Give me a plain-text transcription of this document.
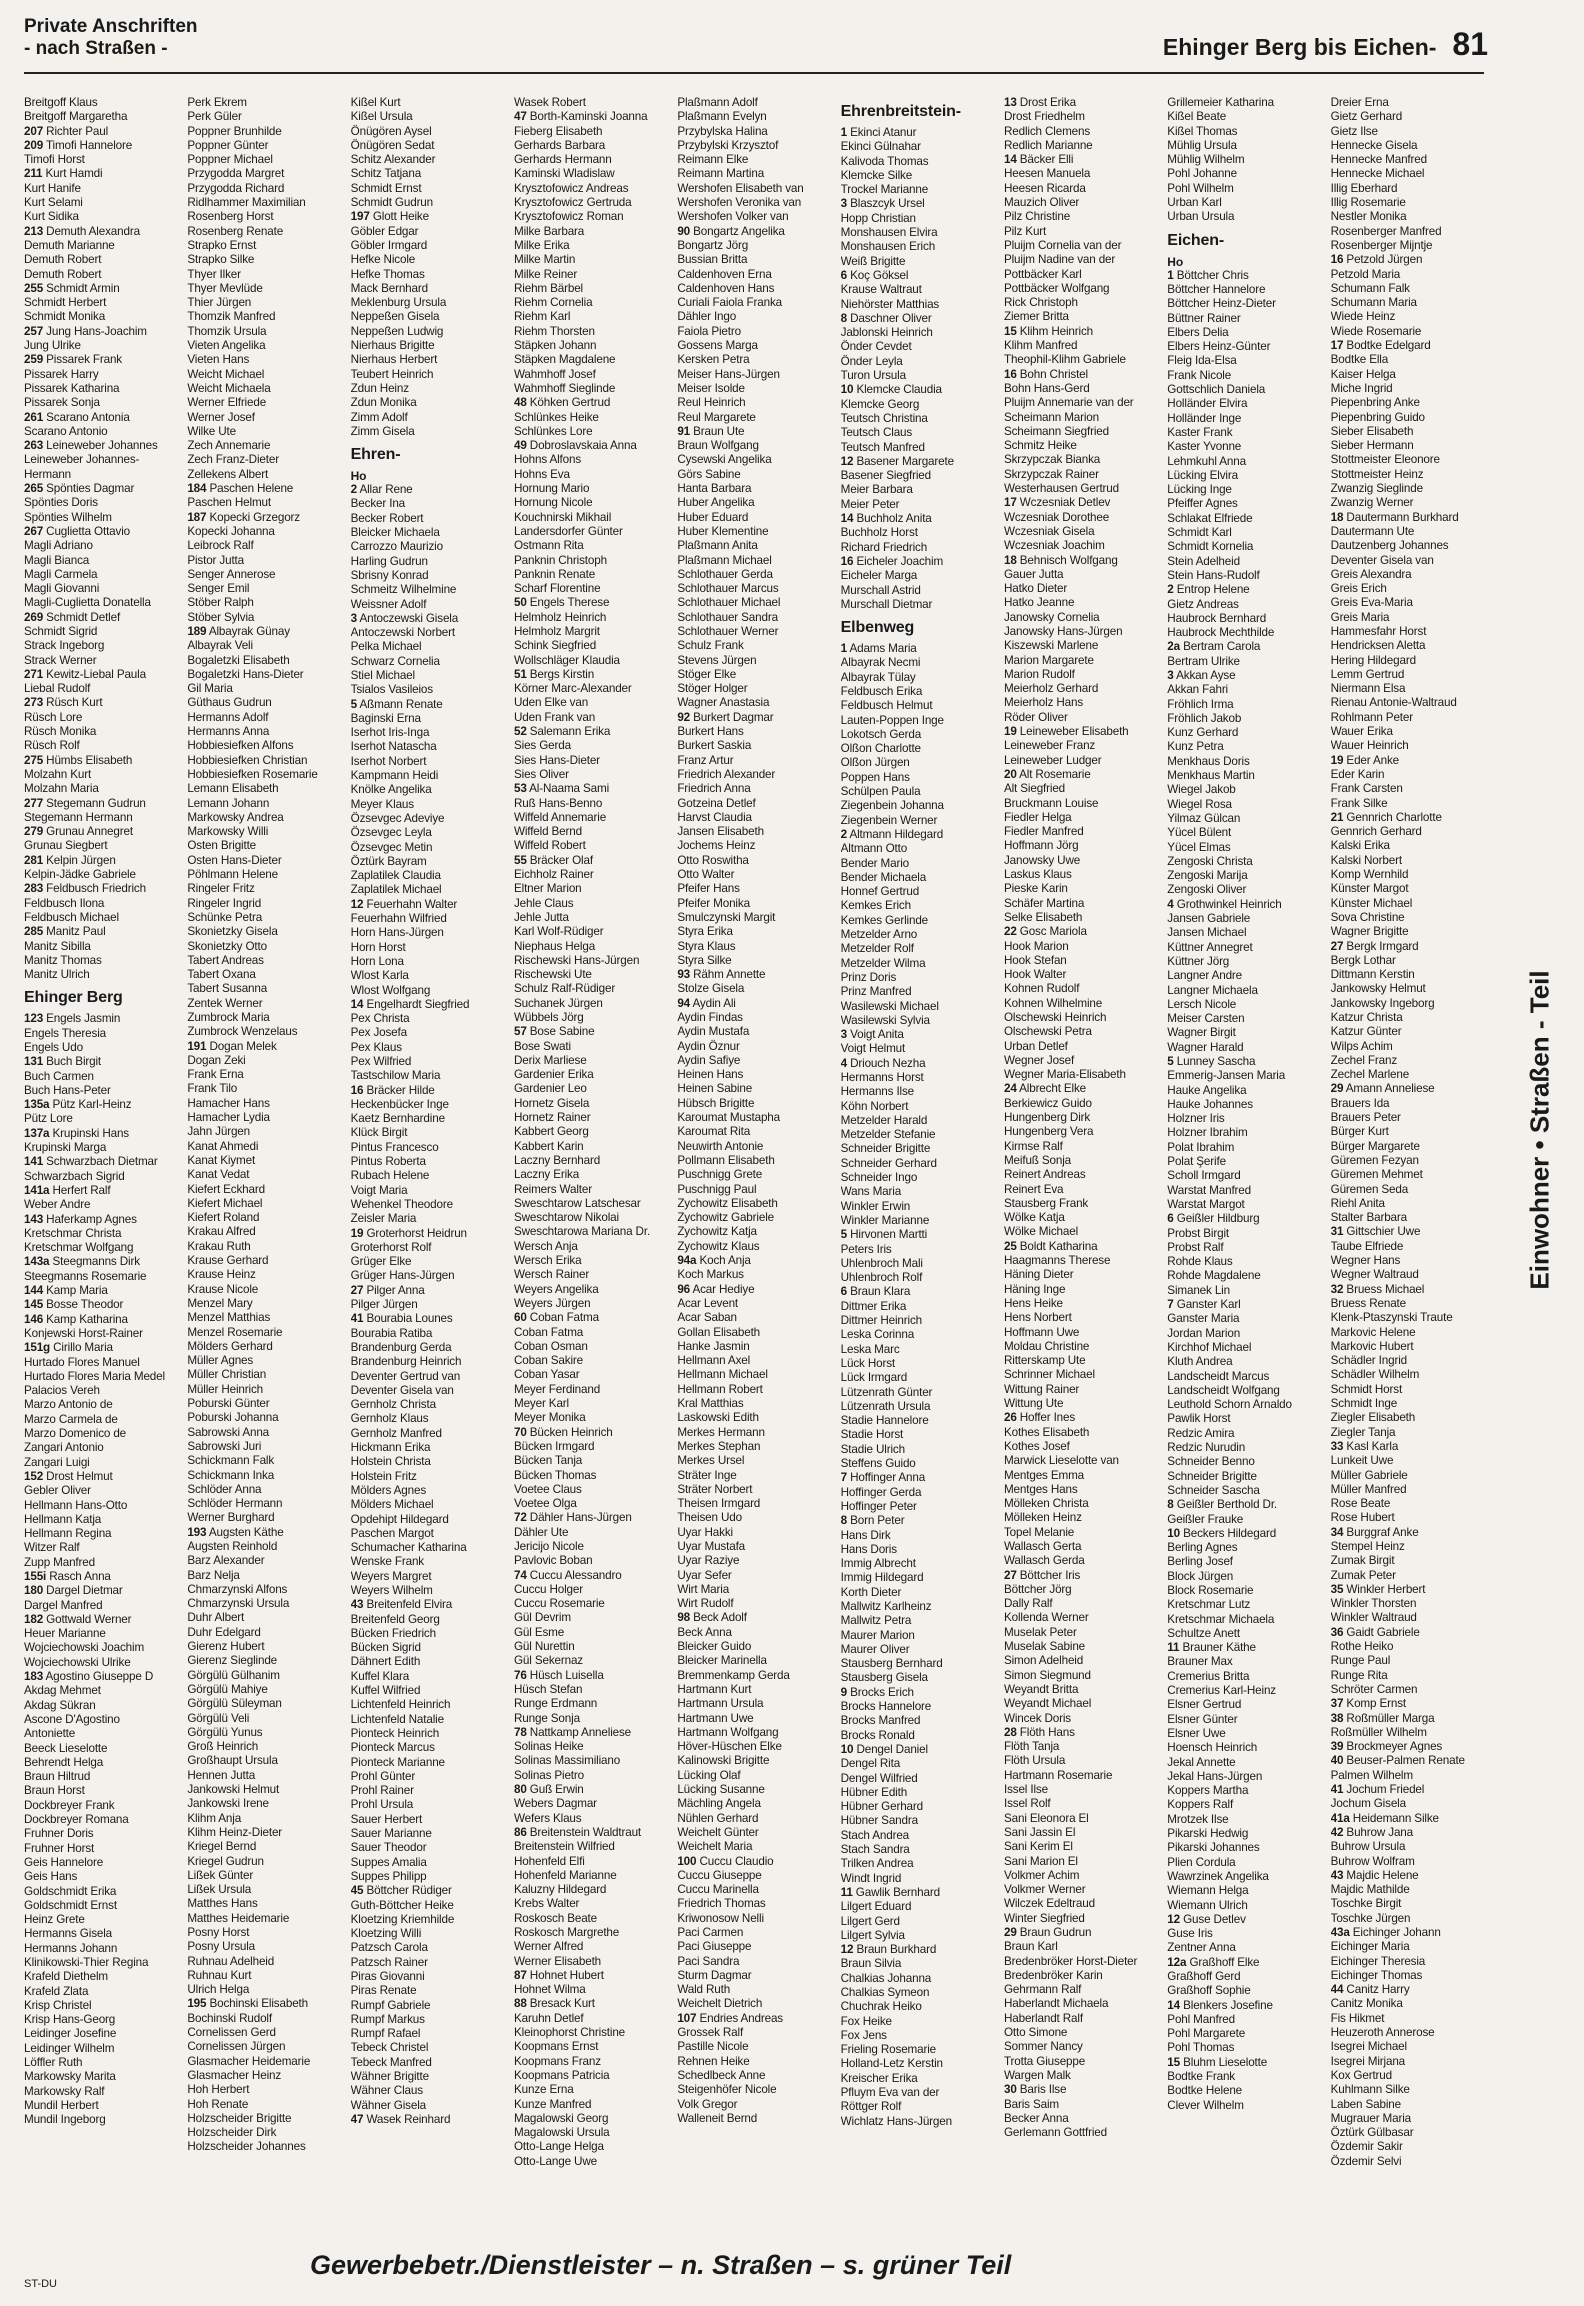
Private Anschriften
- nach Straßen -	Ehinger Berg bis Eichen- 81
Einwohner • Straßen - Teil
Breitgoff Klaus
Breitgoff Margaretha
207 Richter Paul
209 Timofi Hannelore
Timofi Horst
211 Kurt Hamdi
Kurt Hanife
Kurt Selami
Kurt Sidika
213 Demuth Alexandra
Demuth Marianne
Demuth Robert
Demuth Robert
255 Schmidt Armin
Schmidt Herbert
Schmidt Monika
257 Jung Hans-Joachim
Jung Ulrike
259 Pissarek Frank
Pissarek Harry
Pissarek Katharina
Pissarek Sonja
261 Scarano Antonia
Scarano Antonio
263 Leineweber Johannes
Leineweber Johannes-
Hermann
265 Spönties Dagmar
Spönties Doris
Spönties Wilhelm
267 Cuglietta Ottavio
Magli Adriano
Magli Bianca
Magli Carmela
Magli Giovanni
Magli-Cuglietta Donatella
269 Schmidt Detlef
Schmidt Sigrid
Strack Ingeborg
Strack Werner
271 Kewitz-Liebal Paula
Liebal Rudolf
273 Rüsch Kurt
Rüsch Lore
Rüsch Monika
Rüsch Rolf
275 Hümbs Elisabeth
Molzahn Kurt
Molzahn Maria
277 Stegemann Gudrun
Stegemann Hermann
279 Grunau Annegret
Grunau Siegbert
281 Kelpin Jürgen
Kelpin-Jädke Gabriele
283 Feldbusch Friedrich
Feldbusch Ilona
Feldbusch Michael
285 Manitz Paul
Manitz Sibilla
Manitz Thomas
Manitz Ulrich
Ehinger Berg
123 Engels Jasmin
Engels Theresia
Engels Udo
131 Buch Birgit
Buch Carmen
Buch Hans-Peter
135a Pütz Karl-Heinz
Pütz Lore
137a Krupinski Hans
Krupinski Marga
141 Schwarzbach Dietmar
Schwarzbach Sigrid
141a Herfert Ralf
Weber Andre
143 Haferkamp Agnes
Kretschmar Christa
Kretschmar Wolfgang
143a Steegmanns Dirk
Steegmanns Rosemarie
144 Kamp Maria
145 Bosse Theodor
146 Kamp Katharina
Konjewski Horst-Rainer
151g Cirillo Maria
Hurtado Flores Manuel
Hurtado Flores Maria Medel
Palacios Vereh
Marzo Antonio de
Marzo Carmela de
Marzo Domenico de
Zangari Antonio
Zangari Luigi
152 Drost Helmut
Gebler Oliver
Hellmann Hans-Otto
Hellmann Katja
Hellmann Regina
Witzer Ralf
Zupp Manfred
155i Rasch Anna
180 Dargel Dietmar
Dargel Manfred
182 Gottwald Werner
Heuer Marianne
Wojciechowski Joachim
Wojciechowski Ulrike
183 Agostino Giuseppe D
Akdag Mehmet
Akdag Sükran
Ascone D'Agostino
Antoniette
Beeck Lieselotte
Behrendt Helga
Braun Hiltrud
Braun Horst
Dockbreyer Frank
Dockbreyer Romana
Fruhner Doris
Fruhner Horst
Geis Hannelore
Geis Hans
Goldschmidt Erika
Goldschmidt Ernst
Heinz Grete
Hermanns Gisela
Hermanns Johann
Klinikowski-Thier Regina
Krafeld Diethelm
Krafeld Zlata
Krisp Christel
Krisp Hans-Georg
Leidinger Josefine
Leidinger Wilhelm
Löffler Ruth
Markowsky Marita
Markowsky Ralf
Mundil Herbert
Mundil Ingeborg
Perk Ekrem
Perk Güler
Poppner Brunhilde
Poppner Günter
Poppner Michael
Przygodda Margret
Przygodda Richard
Ridlhammer Maximilian
Rosenberg Horst
Rosenberg Renate
Strapko Ernst
Strapko Silke
Thyer Ilker
Thyer Mevlüde
Thier Jürgen
Thomzik Manfred
Thomzik Ursula
Vieten Angelika
Vieten Hans
Weicht Michael
Weicht Michaela
Werner Elfriede
Werner Josef
Wilke Ute
Zech Annemarie
Zech Franz-Dieter
Zellekens Albert
184 Paschen Helene
Paschen Helmut
187 Kopecki Grzegorz
Kopecki Johanna
Leibrock Ralf
Pistor Jutta
Senger Annerose
Senger Emil
Stöber Ralph
Stöber Sylvia
189 Albayrak Günay
Albayrak Veli
Bogaletzki Elisabeth
Bogaletzki Hans-Dieter
Gil Maria
Güthaus Gudrun
Hermanns Adolf
Hermanns Anna
Hobbiesiefken Alfons
Hobbiesiefken Christian
Hobbiesiefken Rosemarie
Lemann Elisabeth
Lemann Johann
Markowsky Andrea
Markowsky Willi
Osten Brigitte
Osten Hans-Dieter
Pöhlmann Helene
Ringeler Fritz
Ringeler Ingrid
Schünke Petra
Skonietzky Gisela
Skonietzky Otto
Tabert Andreas
Tabert Oxana
Tabert Susanna
Zentek Werner
Zumbrock Maria
Zumbrock Wenzelaus
191 Dogan Melek
Dogan Zeki
Frank Erna
Frank Tilo
Hamacher Hans
Hamacher Lydia
Jahn Jürgen
Kanat Ahmedi
Kanat Kiymet
Kanat Vedat
Kiefert Eckhard
Kiefert Michael
Kiefert Roland
Krakau Alfred
Krakau Ruth
Krause Gerhard
Krause Heinz
Krause Nicole
Menzel Mary
Menzel Matthias
Menzel Rosemarie
Mölders Gerhard
Müller Agnes
Müller Christian
Müller Heinrich
Poburski Günter
Poburski Johanna
Sabrowski Anna
Sabrowski Juri
Schickmann Falk
Schickmann Inka
Schlöder Anna
Schlöder Hermann
Werner Burghard
193 Augsten Käthe
Augsten Reinhold
Barz Alexander
Barz Nelja
Chmarzynski Alfons
Chmarzynski Ursula
Duhr Albert
Duhr Edelgard
Gierenz Hubert
Gierenz Sieglinde
Görgülü Gülhanim
Görgülü Mahiye
Görgülü Süleyman
Görgülü Veli
Görgülü Yunus
Groß Heinrich
Großhaupt Ursula
Hennen Jutta
Jankowski Helmut
Jankowski Irene
Klihm Anja
Klihm Heinz-Dieter
Kriegel Bernd
Kriegel Gudrun
Lißek Günter
Lißek Ursula
Matthes Hans
Matthes Heidemarie
Posny Horst
Posny Ursula
Ruhnau Adelheid
Ruhnau Kurt
Ulrich Helga
195 Bochinski Elisabeth
Bochinski Rudolf
Cornelissen Gerd
Cornelissen Jürgen
Glasmacher Heidemarie
Glasmacher Heinz
Hoh Herbert
Hoh Renate
Holzscheider Brigitte
Holzscheider Dirk
Holzscheider Johannes
Kißel Kurt
Kißel Ursula
Önügören Aysel
Önügören Sedat
Schitz Alexander
Schitz Tatjana
Schmidt Ernst
Schmidt Gudrun
197 Glott Heike
Göbler Edgar
Göbler Irmgard
Hefke Nicole
Hefke Thomas
Mack Bernhard
Meklenburg Ursula
Neppeßen Gisela
Neppeßen Ludwig
Nierhaus Brigitte
Nierhaus Herbert
Teubert Heinrich
Zdun Heinz
Zdun Monika
Zimm Adolf
Zimm Gisela
Ehren-
Ho
2 Allar Rene
Becker Ina
Becker Robert
Bleicker Michaela
Carrozzo Maurizio
Harling Gudrun
Sbrisny Konrad
Schmeitz Wilhelmine
Weissner Adolf
3 Antoczewski Gisela
Antoczewski Norbert
Pelka Michael
Schwarz Cornelia
Stiel Michael
Tsialos Vasileios
5 Aßmann Renate
Baginski Erna
Iserhot Iris-Inga
Iserhot Natascha
Iserhot Norbert
Kampmann Heidi
Knölke Angelika
Meyer Klaus
Özsevgec Adeviye
Özsevgec Leyla
Özsevgec Metin
Öztürk Bayram
Zaplatilek Claudia
Zaplatilek Michael
12 Feuerhahn Walter
Feuerhahn Wilfried
Horn Hans-Jürgen
Horn Horst
Horn Lona
Wlost Karla
Wlost Wolfgang
14 Engelhardt Siegfried
Pex Christa
Pex Josefa
Pex Klaus
Pex Wilfried
Tastschilow Maria
16 Bräcker Hilde
Heckenbücker Inge
Kaetz Bernhardine
Klück Birgit
Pintus Francesco
Pintus Roberta
Rubach Helene
Voigt Maria
Wehenkel Theodore
Zeisler Maria
19 Groterhorst Heidrun
Groterhorst Rolf
Grüger Elke
Grüger Hans-Jürgen
27 Pilger Anna
Pilger Jürgen
41 Bourabia Lounes
Bourabia Ratiba
Brandenburg Gerda
Brandenburg Heinrich
Deventer Gertrud van
Deventer Gisela van
Gernholz Christa
Gernholz Klaus
Gernholz Manfred
Hickmann Erika
Holstein Christa
Holstein Fritz
Mölders Agnes
Mölders Michael
Opdehipt Hildegard
Paschen Margot
Schumacher Katharina
Wenske Frank
Weyers Margret
Weyers Wilhelm
43 Breitenfeld Elvira
Breitenfeld Georg
Bücken Friedrich
Bücken Sigrid
Dähnert Edith
Kuffel Klara
Kuffel Wilfried
Lichtenfeld Heinrich
Lichtenfeld Natalie
Pionteck Heinrich
Pionteck Marcus
Pionteck Marianne
Prohl Günter
Prohl Rainer
Prohl Ursula
Sauer Herbert
Sauer Marianne
Sauer Theodor
Suppes Amalia
Suppes Philipp
45 Böttcher Rüdiger
Guth-Böttcher Heike
Kloetzing Kriemhilde
Kloetzing Willi
Patzsch Carola
Patzsch Rainer
Piras Giovanni
Piras Renate
Rumpf Gabriele
Rumpf Markus
Rumpf Rafael
Tebeck Christel
Tebeck Manfred
Wähner Brigitte
Wähner Claus
Wähner Gisela
47 Wasek Reinhard
Wasek Robert
47 Borth-Kaminski Joanna
Fieberg Elisabeth
Gerhards Barbara
Gerhards Hermann
Kaminski Wladislaw
Krysztofowicz Andreas
Krysztofowicz Gertruda
Krysztofowicz Roman
Milke Barbara
Milke Erika
Milke Martin
Milke Reiner
Riehm Bärbel
Riehm Cornelia
Riehm Karl
Riehm Thorsten
Stäpken Johann
Stäpken Magdalene
Wahmhoff Josef
Wahmhoff Sieglinde
48 Köhken Gertrud
Schlünkes Heike
Schlünkes Lore
49 Dobroslavskaia Anna
Hohns Alfons
Hohns Eva
Hornung Mario
Hornung Nicole
Kouchnirski Mikhail
Landersdorfer Günter
Ostmann Rita
Panknin Christoph
Panknin Renate
Scharf Florentine
50 Engels Therese
Helmholz Heinrich
Helmholz Margrit
Schink Siegfried
Wollschläger Klaudia
51 Bergs Kirstin
Körner Marc-Alexander
Uden Elke van
Uden Frank van
52 Salemann Erika
Sies Gerda
Sies Hans-Dieter
Sies Oliver
53 Al-Naama Sami
Ruß Hans-Benno
Wiffeld Annemarie
Wiffeld Bernd
Wiffeld Robert
55 Bräcker Olaf
Eichholz Rainer
Eltner Marion
Jehle Claus
Jehle Jutta
Karl Wolf-Rüdiger
Niephaus Helga
Rischewski Hans-Jürgen
Rischewski Ute
Schulz Ralf-Rüdiger
Suchanek Jürgen
Wübbels Jörg
57 Bose Sabine
Bose Swati
Derix Marliese
Gardenier Erika
Gardenier Leo
Hornetz Gisela
Hornetz Rainer
Kabbert Georg
Kabbert Karin
Laczny Bernhard
Laczny Erika
Reimers Walter
Sweschtarow Latschesar
Sweschtarow Nikolai
Sweschtarowa Mariana Dr.
Wersch Anja
Wersch Erika
Wersch Rainer
Weyers Angelika
Weyers Jürgen
60 Coban Fatma
Coban Fatma
Coban Osman
Coban Sakire
Coban Yasar
Meyer Ferdinand
Meyer Karl
Meyer Monika
70 Bücken Heinrich
Bücken Irmgard
Bücken Tanja
Bücken Thomas
Voetee Claus
Voetee Olga
72 Dähler Hans-Jürgen
Dähler Ute
Jericijo Nicole
Pavlovic Boban
74 Cuccu Alessandro
Cuccu Holger
Cuccu Rosemarie
Gül Devrim
Gül Esme
Gül Nurettin
Gül Sekernaz
76 Hüsch Luisella
Hüsch Stefan
Runge Erdmann
Runge Sonja
78 Nattkamp Anneliese
Solinas Heike
Solinas Massimiliano
Solinas Pietro
80 Guß Erwin
Webers Dagmar
Wefers Klaus
86 Breitenstein Waldtraut
Breitenstein Wilfried
Hohenfeld Elfi
Hohenfeld Marianne
Kaluzny Hildegard
Krebs Walter
Roskosch Beate
Roskosch Margrethe
Werner Alfred
Werner Elisabeth
87 Hohnet Hubert
Hohnet Wilma
88 Bresack Kurt
Karuhn Detlef
Kleinophorst Christine
Koopmans Ernst
Koopmans Franz
Koopmans Patricia
Kunze Erna
Kunze Manfred
Magalowski Georg
Magalowski Ursula
Otto-Lange Helga
Otto-Lange Uwe
Plaßmann Adolf
Plaßmann Evelyn
Przybylska Halina
Przybylski Krzysztof
Reimann Elke
Reimann Martina
Wershofen Elisabeth van
Wershofen Veronika van
Wershofen Volker van
90 Bongartz Angelika
Bongartz Jörg
Bussian Britta
Caldenhoven Erna
Caldenhoven Hans
Curiali Faiola Franka
Dähler Ingo
Faiola Pietro
Gossens Marga
Kersken Petra
Meiser Hans-Jürgen
Meiser Isolde
Reul Heinrich
Reul Margarete
91 Braun Ute
Braun Wolfgang
Cysewski Angelika
Görs Sabine
Hanta Barbara
Huber Angelika
Huber Eduard
Huber Klementine
Plaßmann Anita
Plaßmann Michael
Schlothauer Gerda
Schlothauer Marcus
Schlothauer Michael
Schlothauer Sandra
Schlothauer Werner
Schulz Frank
Stevens Jürgen
Stöger Elke
Stöger Holger
Wagner Anastasia
92 Burkert Dagmar
Burkert Hans
Burkert Saskia
Franz Artur
Friedrich Alexander
Friedrich Anna
Gotzeina Detlef
Harvst Claudia
Jansen Elisabeth
Jochems Heinz
Otto Roswitha
Otto Walter
Pfeifer Hans
Pfeifer Monika
Smulczynski Margit
Styra Erika
Styra Klaus
Styra Silke
93 Rähm Annette
Stolze Gisela
94 Aydin Ali
Aydin Findas
Aydin Mustafa
Aydin Öznur
Aydin Safiye
Heinen Hans
Heinen Sabine
Hübsch Brigitte
Karoumat Mustapha
Karoumat Rita
Neuwirth Antonie
Pollmann Elisabeth
Puschnigg Grete
Puschnigg Paul
Zychowitz Elisabeth
Zychowitz Gabriele
Zychowitz Katja
Zychowitz Klaus
94a Koch Anja
Koch Markus
96 Acar Hediye
Acar Levent
Acar Saban
Gollan Elisabeth
Hanke Jasmin
Hellmann Axel
Hellmann Michael
Hellmann Robert
Kral Matthias
Laskowski Edith
Merkes Hermann
Merkes Stephan
Merkes Ursel
Sträter Inge
Sträter Norbert
Theisen Irmgard
Theisen Udo
Uyar Hakki
Uyar Mustafa
Uyar Raziye
Uyar Sefer
Wirt Maria
Wirt Rudolf
98 Beck Adolf
Beck Anna
Bleicker Guido
Bleicker Marinella
Bremmenkamp Gerda
Hartmann Kurt
Hartmann Ursula
Hartmann Uwe
Hartmann Wolfgang
Höver-Hüschen Elke
Kalinowski Brigitte
Lücking Olaf
Lücking Susanne
Mächling Angela
Nühlen Gerhard
Weichelt Günter
Weichelt Maria
100 Cuccu Claudio
Cuccu Giuseppe
Cuccu Marinella
Friedrich Thomas
Kriwonosow Nelli
Paci Carmen
Paci Giuseppe
Paci Sandra
Sturm Dagmar
Wald Ruth
Weichelt Dietrich
107 Endries Andreas
Grossek Ralf
Pastille Nicole
Rehnen Heike
Schedlbeck Anne
Steigenhöfer Nicole
Volk Gregor
Walleneit Bernd
Ehrenbreitstein-
1 Ekinci Atanur
Ekinci Gülnahar
Kalivoda Thomas
Klemcke Silke
Trockel Marianne
3 Blaszcyk Ursel
Hopp Christian
Monshausen Elvira
Monshausen Erich
Weiß Brigitte
6 Koç Göksel
Krause Waltraut
Niehörster Matthias
8 Daschner Oliver
Jablonski Heinrich
Önder Cevdet
Önder Leyla
Turon Ursula
10 Klemcke Claudia
Klemcke Georg
Teutsch Christina
Teutsch Claus
Teutsch Manfred
12 Basener Margarete
Basener Siegfried
Meier Barbara
Meier Peter
14 Buchholz Anita
Buchholz Horst
Richard Friedrich
16 Eicheler Joachim
Eicheler Marga
Murschall Astrid
Murschall Dietmar
Elbenweg
1 Adams Maria
Albayrak Necmi
Albayrak Tülay
Feldbusch Erika
Feldbusch Helmut
Lauten-Poppen Inge
Lokotsch Gerda
Olßon Charlotte
Olßon Jürgen
Poppen Hans
Schülpen Paula
Ziegenbein Johanna
Ziegenbein Werner
2 Altmann Hildegard
Altmann Otto
Bender Mario
Bender Michaela
Honnef Gertrud
Kemkes Erich
Kemkes Gerlinde
Metzelder Arno
Metzelder Rolf
Metzelder Wilma
Prinz Doris
Prinz Manfred
Wasilewski Michael
Wasilewski Sylvia
3 Voigt Anita
Voigt Helmut
4 Driouch Nezha
Hermanns Horst
Hermanns Ilse
Köhn Norbert
Metzelder Harald
Metzelder Stefanie
Schneider Brigitte
Schneider Gerhard
Schneider Ingo
Wans Maria
Winkler Erwin
Winkler Marianne
5 Hirvonen Martti
Peters Iris
Uhlenbroch Mali
Uhlenbroch Rolf
6 Braun Klara
Dittmer Erika
Dittmer Heinrich
Leska Corinna
Leska Marc
Lück Horst
Lück Irmgard
Lützenrath Günter
Lützenrath Ursula
Stadie Hannelore
Stadie Horst
Stadie Ulrich
Steffens Guido
7 Hoffinger Anna
Hoffinger Gerda
Hoffinger Peter
8 Born Peter
Hans Dirk
Hans Doris
Immig Albrecht
Immig Hildegard
Korth Dieter
Mallwitz Karlheinz
Mallwitz Petra
Maurer Marion
Maurer Oliver
Stausberg Bernhard
Stausberg Gisela
9 Brocks Erich
Brocks Hannelore
Brocks Manfred
Brocks Ronald
10 Dengel Daniel
Dengel Rita
Dengel Wilfried
Hübner Edith
Hübner Gerhard
Hübner Sandra
Stach Andrea
Stach Sandra
Trilken Andrea
Windt Ingrid
11 Gawlik Bernhard
Lilgert Eduard
Lilgert Gerd
Lilgert Sylvia
12 Braun Burkhard
Braun Silvia
Chalkias Johanna
Chalkias Symeon
Chuchrak Heiko
Fox Heike
Fox Jens
Frieling Rosemarie
Holland-Letz Kerstin
Kreischer Erika
Pfluym Eva van der
Röttger Rolf
Wichlatz Hans-Jürgen
13 Drost Erika
Drost Friedhelm
Redlich Clemens
Redlich Marianne
14 Bäcker Elli
Heesen Manuela
Heesen Ricarda
Mauzich Oliver
Pilz Christine
Pilz Kurt
Pluijm Cornelia van der
Pluijm Nadine van der
Pottbäcker Karl
Pottbäcker Wolfgang
Rick Christoph
Ziemer Britta
15 Klihm Heinrich
Klihm Manfred
Theophil-Klihm Gabriele
16 Bohn Christel
Bohn Hans-Gerd
Pluijm Annemarie van der
Scheimann Marion
Scheimann Siegfried
Schmitz Heike
Skrzypczak Bianka
Skrzypczak Rainer
Westerhausen Gertrud
17 Wczesniak Detlev
Wczesniak Dorothee
Wczesniak Gisela
Wczesniak Joachim
18 Behnisch Wolfgang
Gauer Jutta
Hatko Dieter
Hatko Jeanne
Janowsky Cornelia
Janowsky Hans-Jürgen
Kiszewski Marlene
Marion Margarete
Marion Rudolf
Meierholz Gerhard
Meierholz Hans
Röder Oliver
19 Leineweber Elisabeth
Leineweber Franz
Leineweber Ludger
20 Alt Rosemarie
Alt Siegfried
Bruckmann Louise
Fiedler Helga
Fiedler Manfred
Hoffmann Jörg
Janowsky Uwe
Laskus Klaus
Pieske Karin
Schäfer Martina
Selke Elisabeth
22 Gosc Mariola
Hook Marion
Hook Stefan
Hook Walter
Kohnen Rudolf
Kohnen Wilhelmine
Olschewski Heinrich
Olschewski Petra
Urban Detlef
Wegner Josef
Wegner Maria-Elisabeth
24 Albrecht Elke
Berkiewicz Guido
Hungenberg Dirk
Hungenberg Vera
Kirmse Ralf
Meifuß Sonja
Reinert Andreas
Reinert Eva
Stausberg Frank
Wölke Katja
Wölke Michael
25 Boldt Katharina
Haagmanns Therese
Häning Dieter
Häning Inge
Hens Heike
Hens Norbert
Hoffmann Uwe
Moldau Christine
Ritterskamp Ute
Schrinner Michael
Wittung Rainer
Wittung Ute
26 Hoffer Ines
Kothes Elisabeth
Kothes Josef
Marwick Lieselotte van
Mentges Emma
Mentges Hans
Mölleken Christa
Mölleken Heinz
Topel Melanie
Wallasch Gerta
Wallasch Gerda
27 Böttcher Iris
Böttcher Jörg
Dally Ralf
Kollenda Werner
Muselak Peter
Muselak Sabine
Simon Adelheid
Simon Siegmund
Weyandt Britta
Weyandt Michael
Wincek Doris
28 Flöth Hans
Flöth Tanja
Flöth Ursula
Hartmann Rosemarie
Issel Ilse
Issel Rolf
Sani Eleonora El
Sani Jassin El
Sani Kerim El
Sani Marion El
Volkmer Achim
Volkmer Werner
Wilczek Edeltraud
Winter Siegfried
29 Braun Gudrun
Braun Karl
Bredenbröker Horst-Dieter
Bredenbröker Karin
Gehrmann Ralf
Haberlandt Michaela
Haberlandt Ralf
Otto Simone
Sommer Nancy
Trotta Giuseppe
Wargen Malk
30 Baris Ilse
Baris Saim
Becker Anna
Gerlemann Gottfried
Grillemeier Katharina
Kißel Beate
Kißel Thomas
Mühlig Ursula
Mühlig Wilhelm
Pohl Johanne
Pohl Wilhelm
Urban Karl
Urban Ursula
Eichen-
Ho
1 Böttcher Chris
Böttcher Hannelore
Böttcher Heinz-Dieter
Büttner Rainer
Elbers Delia
Elbers Heinz-Günter
Fleig Ida-Elsa
Frank Nicole
Gottschlich Daniela
Holländer Elvira
Holländer Inge
Kaster Frank
Kaster Yvonne
Lehmkuhl Anna
Lücking Elvira
Lücking Inge
Pfeiffer Agnes
Schlakat Elfriede
Schmidt Karl
Schmidt Kornelia
Stein Adelheid
Stein Hans-Rudolf
2 Entrop Helene
Gietz Andreas
Haubrock Bernhard
Haubrock Mechthilde
2a Bertram Carola
Bertram Ulrike
3 Akkan Ayse
Akkan Fahri
Fröhlich Irma
Fröhlich Jakob
Kunz Gerhard
Kunz Petra
Menkhaus Doris
Menkhaus Martin
Wiegel Jakob
Wiegel Rosa
Yilmaz Gülcan
Yücel Bülent
Yücel Elmas
Zengoski Christa
Zengoski Marija
Zengoski Oliver
4 Grothwinkel Heinrich
Jansen Gabriele
Jansen Michael
Küttner Annegret
Küttner Jörg
Langner Andre
Langner Michaela
Lersch Nicole
Meiser Carsten
Wagner Birgit
Wagner Harald
5 Lunney Sascha
Emmerig-Jansen Maria
Hauke Angelika
Hauke Johannes
Holzner Iris
Holzner Ibrahim
Polat Ibrahim
Polat Şerife
Scholl Irmgard
Warstat Manfred
Warstat Margot
6 Geißler Hildburg
Probst Birgit
Probst Ralf
Rohde Klaus
Rohde Magdalene
Simanek Lin
7 Ganster Karl
Ganster Maria
Jordan Marion
Kirchhof Michael
Kluth Andrea
Landscheidt Marcus
Landscheidt Wolfgang
Leuthold Schorn Arnaldo
Pawlik Horst
Redzic Amira
Redzic Nurudin
Schneider Benno
Schneider Brigitte
Schneider Sascha
8 Geißler Berthold Dr.
Geißler Frauke
10 Beckers Hildegard
Berling Agnes
Berling Josef
Block Jürgen
Block Rosemarie
Kretschmar Lutz
Kretschmar Michaela
Schultze Anett
11 Brauner Käthe
Brauner Max
Cremerius Britta
Cremerius Karl-Heinz
Elsner Gertrud
Elsner Günter
Elsner Uwe
Hoensch Heinrich
Jekal Annette
Jekal Hans-Jürgen
Koppers Martha
Koppers Ralf
Mrotzek Ilse
Pikarski Hedwig
Pikarski Johannes
Plien Cordula
Wawrzinek Angelika
Wiemann Helga
Wiemann Ulrich
12 Guse Detlev
Guse Iris
Zentner Anna
12a Graßhoff Elke
Graßhoff Gerd
Graßhoff Sophie
14 Blenkers Josefine
Pohl Manfred
Pohl Margarete
Pohl Thomas
15 Bluhm Lieselotte
Bodtke Frank
Bodtke Helene
Clever Wilhelm
Dreier Erna
Gietz Gerhard
Gietz Ilse
Hennecke Gisela
Hennecke Manfred
Hennecke Michael
Illig Eberhard
Illig Rosemarie
Nestler Monika
Rosenberger Manfred
Rosenberger Mijntje
16 Petzold Jürgen
Petzold Maria
Schumann Falk
Schumann Maria
Wiede Heinz
Wiede Rosemarie
17 Bodtke Edelgard
Bodtke Ella
Kaiser Helga
Miche Ingrid
Piepenbring Anke
Piepenbring Guido
Sieber Elisabeth
Sieber Hermann
Stottmeister Eleonore
Stottmeister Heinz
Zwanzig Sieglinde
Zwanzig Werner
18 Dautermann Burkhard
Dautermann Ute
Dautzenberg Johannes
Deventer Gisela van
Greis Alexandra
Greis Erich
Greis Eva-Maria
Greis Maria
Hammesfahr Horst
Hendricksen Aletta
Hering Hildegard
Lemm Gertrud
Niermann Elsa
Rienau Antonie-Waltraud
Rohlmann Peter
Wauer Erika
Wauer Heinrich
19 Eder Anke
Eder Karin
Frank Carsten
Frank Silke
21 Gennrich Charlotte
Gennrich Gerhard
Kalski Erika
Kalski Norbert
Komp Wernhild
Künster Margot
Künster Michael
Sova Christine
Wagner Brigitte
27 Bergk Irmgard
Bergk Lothar
Dittmann Kerstin
Jankowsky Helmut
Jankowsky Ingeborg
Katzur Christa
Katzur Günter
Wilps Achim
Zechel Franz
Zechel Marlene
29 Amann Anneliese
Brauers Ida
Brauers Peter
Bürger Kurt
Bürger Margarete
Güremen Fezyan
Güremen Mehmet
Güremen Seda
Riehl Anita
Stalter Barbara
31 Gittschier Uwe
Taube Elfriede
Wegner Hans
Wegner Waltraud
32 Bruess Michael
Bruess Renate
Klenk-Ptaszynski Traute
Markovic Helene
Markovic Hubert
Schädler Ingrid
Schädler Wilhelm
Schmidt Horst
Schmidt Inge
Ziegler Elisabeth
Ziegler Tanja
33 Kasl Karla
Lunkeit Uwe
Müller Gabriele
Müller Manfred
Rose Beate
Rose Hubert
34 Burggraf Anke
Stempel Heinz
Zumak Birgit
Zumak Peter
35 Winkler Herbert
Winkler Thorsten
Winkler Waltraud
36 Gaidt Gabriele
Rothe Heiko
Runge Paul
Runge Rita
Schröter Carmen
37 Komp Ernst
38 Roßmüller Marga
Roßmüller Wilhelm
39 Brockmeyer Agnes
40 Beuser-Palmen Renate
Palmen Wilhelm
41 Jochum Friedel
Jochum Gisela
41a Heidemann Silke
42 Buhrow Jana
Buhrow Ursula
Buhrow Wolfram
43 Majdic Helene
Majdic Mathilde
Toschke Birgit
Toschke Jürgen
43a Eichinger Johann
Eichinger Maria
Eichinger Theresia
Eichinger Thomas
44 Canitz Harry
Canitz Monika
Fis Hikmet
Heuzeroth Annerose
Isegrei Michael
Isegrei Mirjana
Kox Gertrud
Kuhlmann Silke
Laben Sabine
Mugrauer Maria
Öztürk Gülbasar
Özdemir Sakir
Özdemir Selvi
Gewerbebetr./Dienstleister – n. Straßen – s. grüner Teil
ST-DU
